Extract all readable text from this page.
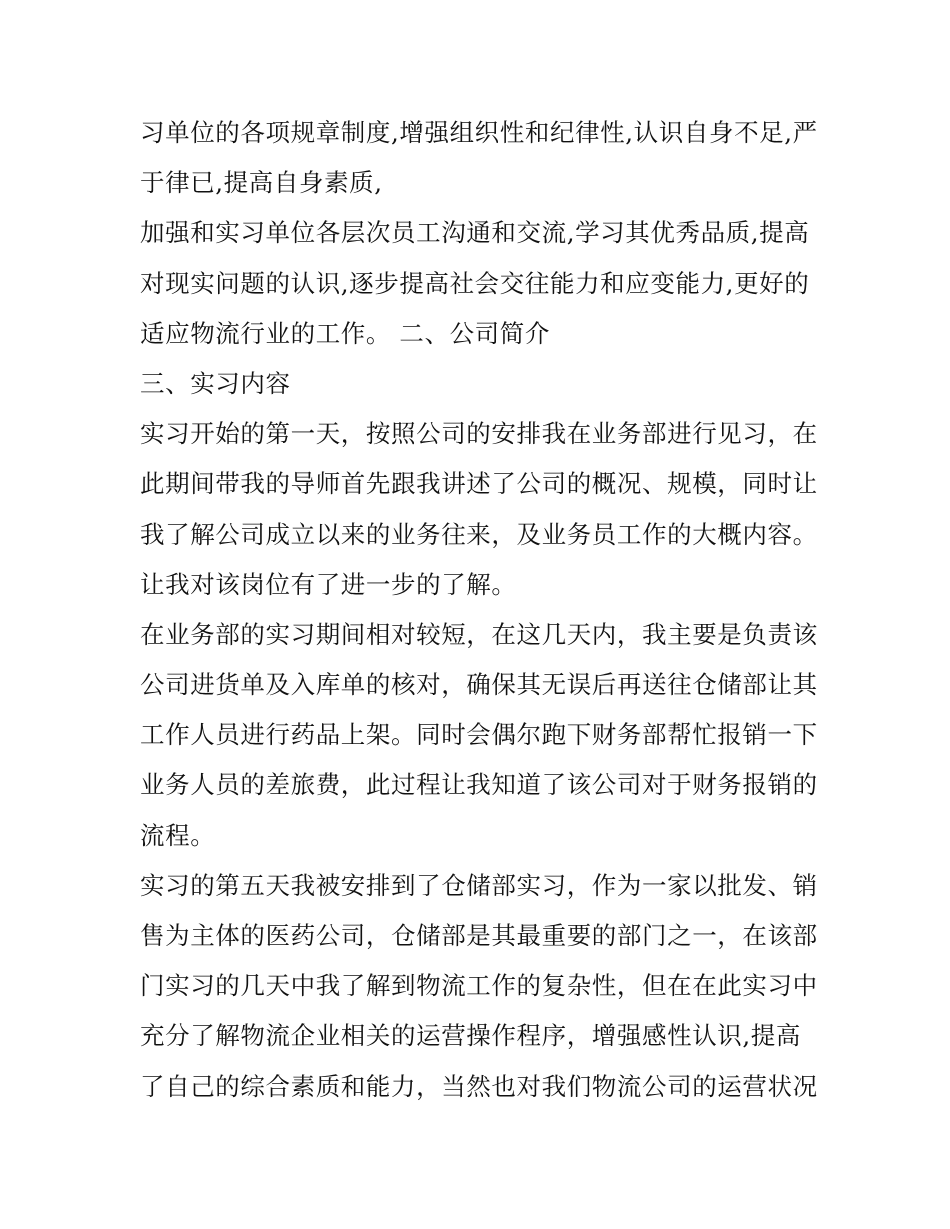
习单位的各项规章制度,增强组织性和纪律性,认识自身不足,严
于律已,提高自身素质,
加强和实习单位各层次员工沟通和交流,学习其优秀品质,提高
对现实问题的认识,逐步提高社会交往能力和应变能力,更好的
适应物流行业的工作。 二、公司简介
三、实习内容
实习开始的第一天，按照公司的安排我在业务部进行见习，在
此期间带我的导师首先跟我讲述了公司的概况、规模，同时让
我了解公司成立以来的业务往来，及业务员工作的大概内容。
让我对该岗位有了进一步的了解。
在业务部的实习期间相对较短，在这几天内，我主要是负责该
公司进货单及入库单的核对，确保其无误后再送往仓储部让其
工作人员进行药品上架。同时会偶尔跑下财务部帮忙报销一下
业务人员的差旅费，此过程让我知道了该公司对于财务报销的
流程。
实习的第五天我被安排到了仓储部实习，作为一家以批发、销
售为主体的医药公司，仓储部是其最重要的部门之一，在该部
门实习的几天中我了解到物流工作的复杂性，但在在此实习中
充分了解物流企业相关的运营操作程序，增强感性认识,提高
了自己的综合素质和能力，当然也对我们物流公司的运营状况
